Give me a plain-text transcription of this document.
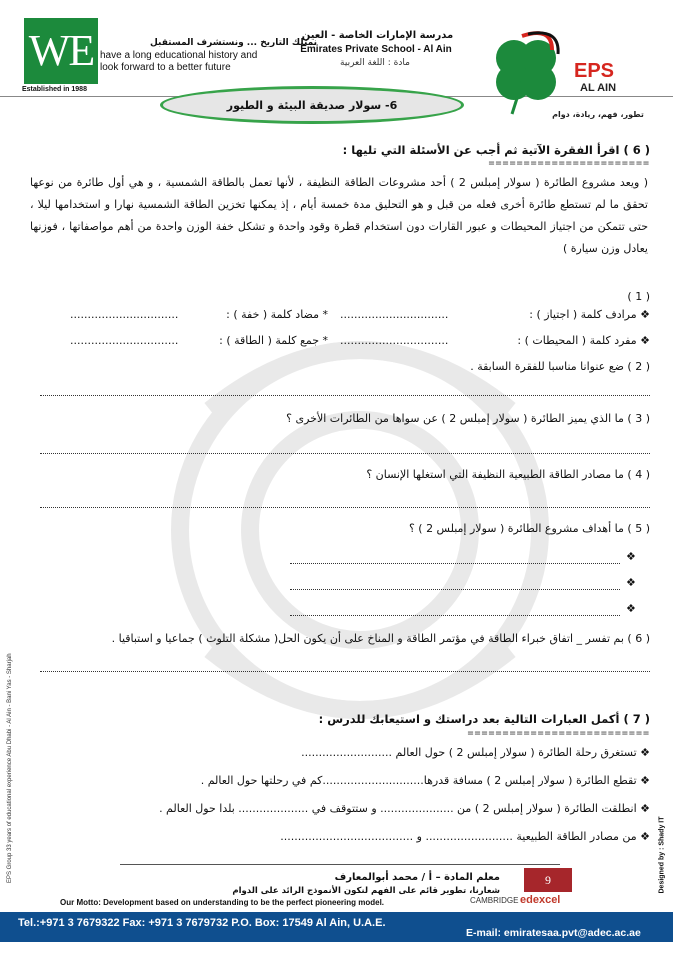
WE
Established in 1988
نمتلك التاريخ ... ونستشرف المستقبل
have a long educational history and look forward to a better future
مدرسة الإمارات الخاصة - العين
Emirates Private School - Al Ain
مادة : اللغة العربية	EPS
AL AIN
تطور، فهم، ريادة، دوام
6- سولار صديقة البيئة و الطيور
( 6 ) اقرأ الفقرة الآتية ثم أجب عن الأسئلة التي تليها :
=======================
( ويعد مشروع الطائرة ( سولار إمبلس 2 ) أحد مشروعات الطاقة النظيفة ، لأنها تعمل بالطاقة الشمسية ، و هي أول طائرة من نوعها تحقق ما لم تستطع طائرة أخرى فعله من قبل و هو التحليق مدة خمسة أيام ، إذ يمكنها تخزين الطاقة الشمسية نهارا و استخدامها ليلا ، حتى تتمكن من اجتياز المحيطات و عبور القارات دون استخدام قطرة وقود واحدة و تشكل خفة الوزن واحدة من أهم مواصفاتها ، فوزنها يعادل وزن سيارة )
( 1 )
❖ مرادف كلمة ( اجتياز ) :
...............................
* مضاد كلمة ( خفة ) :
...............................
❖ مفرد كلمة ( المحيطات ) :
...............................
* جمع كلمة ( الطاقة ) :
...............................
( 2 ) ضع عنوانا مناسبا للفقرة السابقة .
( 3 ) ما الذي يميز الطائرة ( سولار إمبلس 2 ) عن سواها من الطائرات الأخرى ؟
( 4 ) ما مصادر الطاقة الطبيعية النظيفة التي استغلها الإنسان ؟
( 5 ) ما أهداف مشروع الطائرة ( سولار إمبلس 2 ) ؟
❖
❖
❖
( 6 ) بم تفسر _ اتفاق خبراء الطاقة في مؤتمر الطاقة و المناخ على أن يكون الحل( مشكلة التلوث ) جماعيا و استباقيا .
( 7 ) أكمل العبارات التالية بعد دراستك و استيعابك للدرس :
==========================
❖ تستغرق رحلة الطائرة ( سولار إمبلس 2 ) حول العالم ..........................
❖ تقطع الطائرة ( سولار إمبلس 2 ) مسافة قدرها.............................كم في رحلتها حول العالم .
❖ انطلقت الطائرة ( سولار إمبلس 2 ) من ..................... و ستتوقف في .................... بلدا حول العالم .
❖ من مصادر الطاقة الطبيعية ......................... و ......................................
EPS Group 33 years of educational experience Abu Dhabi - Al Ain - Bani Yas - Sharjah	Designed by : Shady IT
9
معلم المادة – أ / محمد أبوالمعارف
شعارنا، تطوير قائم على الفهم لنكون الأنموذج الرائد على الدوام
Our Motto: Development based on understanding to be the perfect pioneering model.	CAMBRIDGE edexcel
Tel.:+971 3 7679322 Fax: +971 3 7679732 P.O. Box: 17549 Al Ain, U.A.E.
E-mail: emiratesaa.pvt@adec.ac.ae
